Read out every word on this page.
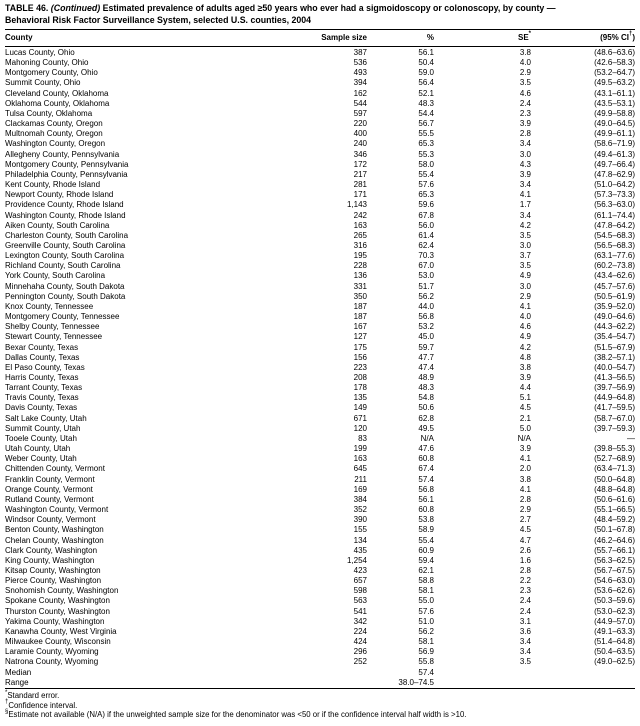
TABLE 46. (Continued) Estimated prevalence of adults aged ≥50 years who ever had a sigmoidoscopy or colonoscopy, by county —
Behavioral Risk Factor Surveillance System, selected U.S. counties, 2004
County	Sample size	%	SE*	(95% CI†)
Lucas County, Ohio	387	56.1	3.8	(48.6–63.6)
Mahoning County, Ohio	536	50.4	4.0	(42.6–58.3)
Montgomery County, Ohio	493	59.0	2.9	(53.2–64.7)
Summit County, Ohio	394	56.4	3.5	(49.5–63.2)
Cleveland County, Oklahoma	162	52.1	4.6	(43.1–61.1)
Oklahoma County, Oklahoma	544	48.3	2.4	(43.5–53.1)
Tulsa County, Oklahoma	597	54.4	2.3	(49.9–58.8)
Clackamas County, Oregon	220	56.7	3.9	(49.0–64.5)
Multnomah County, Oregon	400	55.5	2.8	(49.9–61.1)
Washington County, Oregon	240	65.3	3.4	(58.6–71.9)
Allegheny County, Pennsylvania	346	55.3	3.0	(49.4–61.3)
Montgomery County, Pennsylvania	172	58.0	4.3	(49.7–66.4)
Philadelphia County, Pennsylvania	217	55.4	3.9	(47.8–62.9)
Kent County, Rhode Island	281	57.6	3.4	(51.0–64.2)
Newport County, Rhode Island	171	65.3	4.1	(57.3–73.3)
Providence County, Rhode Island	1,143	59.6	1.7	(56.3–63.0)
Washington County, Rhode Island	242	67.8	3.4	(61.1–74.4)
Aiken County, South Carolina	163	56.0	4.2	(47.8–64.2)
Charleston County, South Carolina	265	61.4	3.5	(54.5–68.3)
Greenville County, South Carolina	316	62.4	3.0	(56.5–68.3)
Lexington County, South Carolina	195	70.3	3.7	(63.1–77.6)
Richland County, South Carolina	228	67.0	3.5	(60.2–73.8)
York County, South Carolina	136	53.0	4.9	(43.4–62.6)
Minnehaha County, South Dakota	331	51.7	3.0	(45.7–57.6)
Pennington County, South Dakota	350	56.2	2.9	(50.5–61.9)
Knox County, Tennessee	187	44.0	4.1	(35.9–52.0)
Montgomery County, Tennessee	187	56.8	4.0	(49.0–64.6)
Shelby County, Tennessee	167	53.2	4.6	(44.3–62.2)
Stewart County, Tennessee	127	45.0	4.9	(35.4–54.7)
Bexar County, Texas	175	59.7	4.2	(51.5–67.9)
Dallas County, Texas	156	47.7	4.8	(38.2–57.1)
El Paso County, Texas	223	47.4	3.8	(40.0–54.7)
Harris County, Texas	208	48.9	3.9	(41.3–56.5)
Tarrant County, Texas	178	48.3	4.4	(39.7–56.9)
Travis County, Texas	135	54.8	5.1	(44.9–64.8)
Davis County, Texas	149	50.6	4.5	(41.7–59.5)
Salt Lake County, Utah	671	62.8	2.1	(58.7–67.0)
Summit County, Utah	120	49.5	5.0	(39.7–59.3)
Tooele County, Utah	83	N/A	N/A	—
Utah County, Utah	199	47.6	3.9	(39.8–55.3)
Weber County, Utah	163	60.8	4.1	(52.7–68.9)
Chittenden County, Vermont	645	67.4	2.0	(63.4–71.3)
Franklin County, Vermont	211	57.4	3.8	(50.0–64.8)
Orange County, Vermont	169	56.8	4.1	(48.8–64.8)
Rutland County, Vermont	384	56.1	2.8	(50.6–61.6)
Washington County, Vermont	352	60.8	2.9	(55.1–66.5)
Windsor County, Vermont	390	53.8	2.7	(48.4–59.2)
Benton County, Washington	155	58.9	4.5	(50.1–67.8)
Chelan County, Washington	134	55.4	4.7	(46.2–64.6)
Clark County, Washington	435	60.9	2.6	(55.7–66.1)
King County, Washington	1,254	59.4	1.6	(56.3–62.5)
Kitsap County, Washington	423	62.1	2.8	(56.7–67.5)
Pierce County, Washington	657	58.8	2.2	(54.6–63.0)
Snohomish County, Washington	598	58.1	2.3	(53.6–62.6)
Spokane County, Washington	563	55.0	2.4	(50.3–59.6)
Thurston County, Washington	541	57.6	2.4	(53.0–62.3)
Yakima County, Washington	342	51.0	3.1	(44.9–57.0)
Kanawha County, West Virginia	224	56.2	3.6	(49.1–63.3)
Milwaukee County, Wisconsin	424	58.1	3.4	(51.4–64.8)
Laramie County, Wyoming	296	56.9	3.4	(50.4–63.5)
Natrona County, Wyoming	252	55.8	3.5	(49.0–62.5)
Median		57.4		
Range		38.0–74.5		
*Standard error.
†Confidence interval.
§Estimate not available (N/A) if the unweighted sample size for the denominator was <50 or if the confidence interval half width is >10.
